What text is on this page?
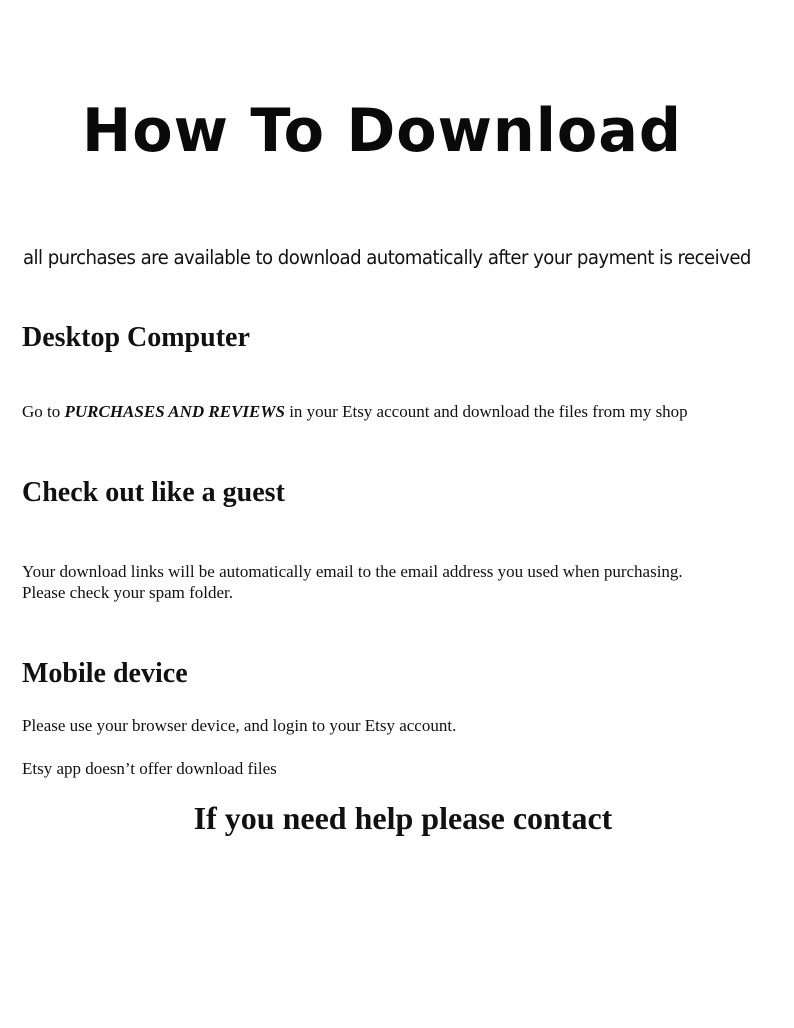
How To Download

all purchases are available to download automatically after your payment is received

Desktop Computer

Go to PURCHASES AND REVIEWS in your Etsy account and download the files from my shop

Check out like a guest

Your download links will be automatically email to the email address you used when purchasing.

Please check your spam folder.

Mobile device

Please use your browser device, and login to your Etsy account.

Etsy app doesn’t offer download files

If you need help please contact
